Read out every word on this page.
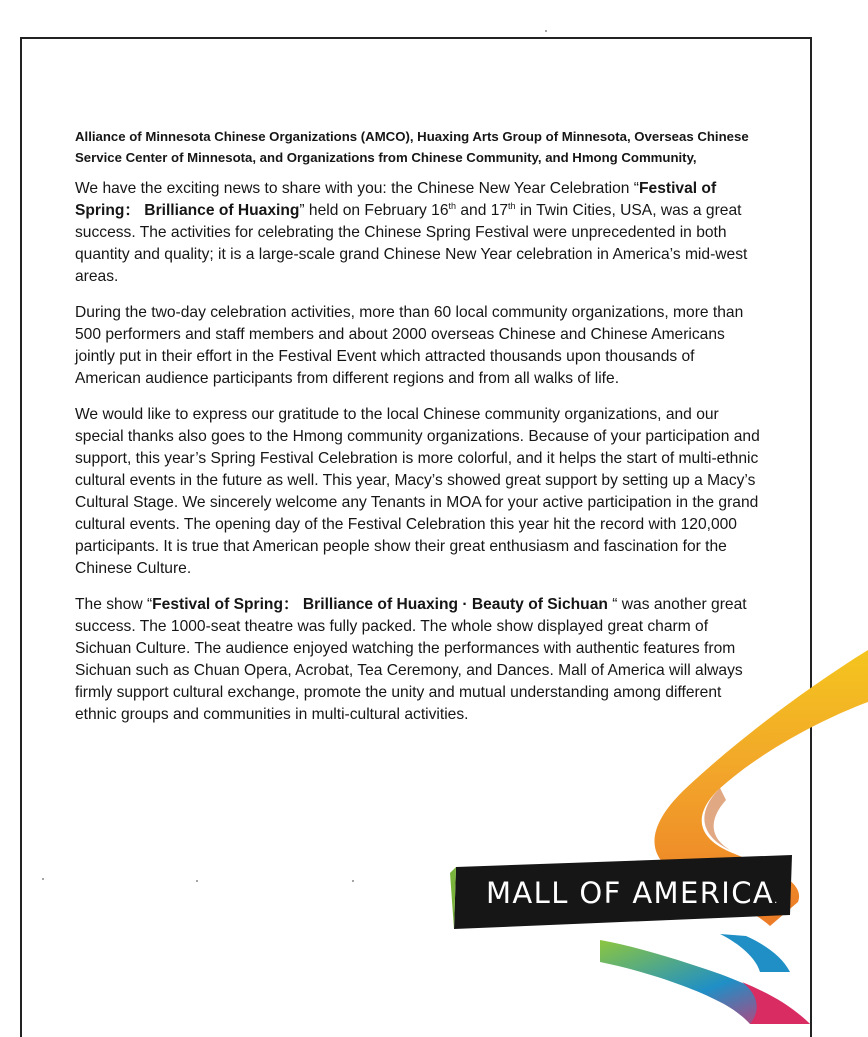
MALL OF AMERICA.

Alliance of Minnesota Chinese Organizations (AMCO), Huaxing Arts Group of Minnesota, Overseas Chinese Service Center of Minnesota, and Organizations from Chinese Community, and Hmong Community,

We have the exciting news to share with you: the Chinese New Year Celebration “Festival of Spring： Brilliance of Huaxing” held on February 16th and 17th in Twin Cities, USA, was a great success. The activities for celebrating the Chinese Spring Festival were unprecedented in both quantity and quality; it is a large-scale grand Chinese New Year celebration in America’s mid-west areas.

During the two-day celebration activities, more than 60 local community organizations, more than 500 performers and staff members and about 2000 overseas Chinese and Chinese Americans jointly put in their effort in the Festival Event which attracted thousands upon thousands of American audience participants from different regions and from all walks of life.

We would like to express our gratitude to the local Chinese community organizations, and our special thanks also goes to the Hmong community organizations. Because of your participation and support, this year’s Spring Festival Celebration is more colorful, and it helps the start of multi-ethnic cultural events in the future as well. This year, Macy’s showed great support by setting up a Macy’s Cultural Stage. We sincerely welcome any Tenants in MOA for your active participation in the grand cultural events. The opening day of the Festival Celebration this year hit the record with 120,000 participants. It is true that American people show their great enthusiasm and fascination for the Chinese Culture.

The show “Festival of Spring： Brilliance of Huaxing · Beauty of Sichuan “ was another great success. The 1000-seat theatre was fully packed. The whole show displayed great charm of Sichuan Culture. The audience enjoyed watching the performances with authentic features from Sichuan such as Chuan Opera, Acrobat, Tea Ceremony, and Dances. Mall of America will always firmly support cultural exchange, promote the unity and mutual understanding among different ethnic groups and communities in multi-cultural activities.
